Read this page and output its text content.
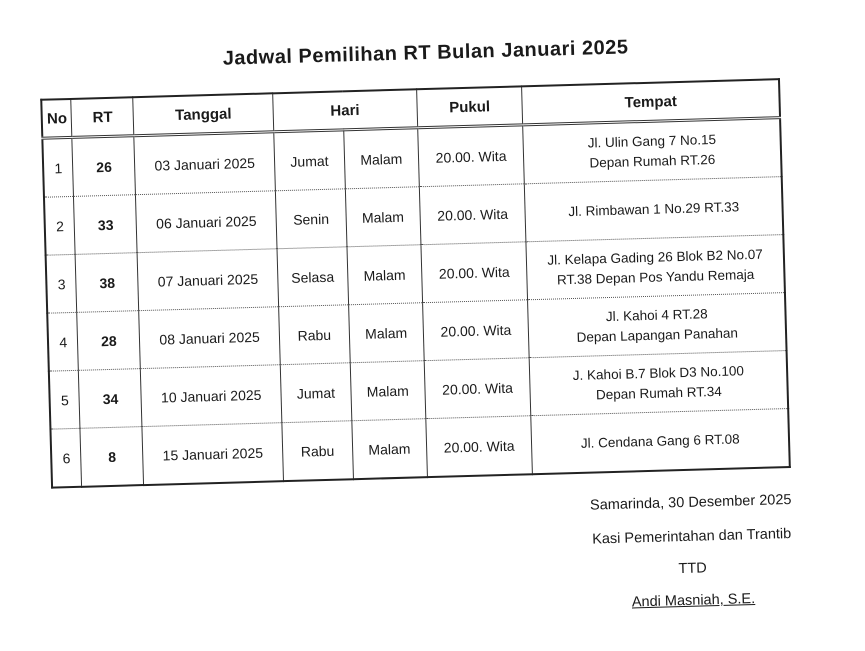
Jadwal Pemilihan RT Bulan Januari 2025
No	RT	Tanggal	Hari		Pukul	Tempat
1	26	03 Januari 2025	Jumat	Malam	20.00. Wita	Jl. Ulin Gang 7 No.15
Depan Rumah RT.26

2	33	06 Januari 2025	Senin	Malam	20.00. Wita	Jl. Rimbawan 1 No.29 RT.33

3	38	07 Januari 2025	Selasa	Malam	20.00. Wita	Jl. Kelapa Gading 26 Blok B2 No.07
RT.38 Depan Pos Yandu Remaja

4	28	08 Januari 2025	Rabu	Malam	20.00. Wita	Jl. Kahoi 4 RT.28
Depan Lapangan Panahan

5	34	10 Januari 2025	Jumat	Malam	20.00. Wita	J. Kahoi B.7 Blok D3 No.100
Depan Rumah RT.34

6	8	15 Januari 2025	Rabu	Malam	20.00. Wita	Jl. Cendana Gang 6 RT.08
Samarinda, 30 Desember 2025
Kasi Pemerintahan dan Trantib
TTD
Andi Masniah, S.E.
